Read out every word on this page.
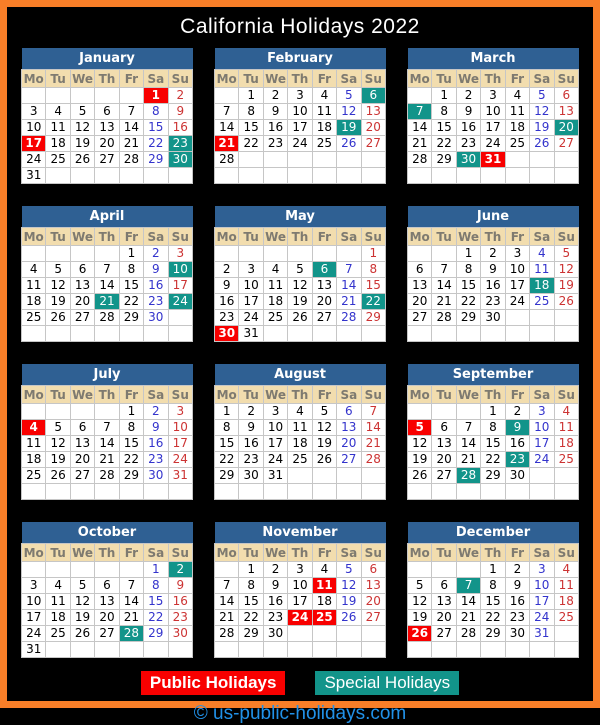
California Holidays 2022
January						
Mo	Tu	We	Th	Fr	Sa	Su
					1	2
3	4	5	6	7	8	9
10	11	12	13	14	15	16
17	18	19	20	21	22	23
24	25	26	27	28	29	30
31						
February						
Mo	Tu	We	Th	Fr	Sa	Su
	1	2	3	4	5	6
7	8	9	10	11	12	13
14	15	16	17	18	19	20
21	22	23	24	25	26	27
28						

March						
Mo	Tu	We	Th	Fr	Sa	Su
	1	2	3	4	5	6
7	8	9	10	11	12	13
14	15	16	17	18	19	20
21	22	23	24	25	26	27
28	29	30	31			

April						
Mo	Tu	We	Th	Fr	Sa	Su
				1	2	3
4	5	6	7	8	9	10
11	12	13	14	15	16	17
18	19	20	21	22	23	24
25	26	27	28	29	30	

May						
Mo	Tu	We	Th	Fr	Sa	Su
						1
2	3	4	5	6	7	8
9	10	11	12	13	14	15
16	17	18	19	20	21	22
23	24	25	26	27	28	29
30	31					
June						
Mo	Tu	We	Th	Fr	Sa	Su
		1	2	3	4	5
6	7	8	9	10	11	12
13	14	15	16	17	18	19
20	21	22	23	24	25	26
27	28	29	30			

July						
Mo	Tu	We	Th	Fr	Sa	Su
				1	2	3
4	5	6	7	8	9	10
11	12	13	14	15	16	17
18	19	20	21	22	23	24
25	26	27	28	29	30	31

August						
Mo	Tu	We	Th	Fr	Sa	Su
1	2	3	4	5	6	7
8	9	10	11	12	13	14
15	16	17	18	19	20	21
22	23	24	25	26	27	28
29	30	31				

September						
Mo	Tu	We	Th	Fr	Sa	Su
			1	2	3	4
5	6	7	8	9	10	11
12	13	14	15	16	17	18
19	20	21	22	23	24	25
26	27	28	29	30		

October						
Mo	Tu	We	Th	Fr	Sa	Su
					1	2
3	4	5	6	7	8	9
10	11	12	13	14	15	16
17	18	19	20	21	22	23
24	25	26	27	28	29	30
31						
November						
Mo	Tu	We	Th	Fr	Sa	Su
	1	2	3	4	5	6
7	8	9	10	11	12	13
14	15	16	17	18	19	20
21	22	23	24	25	26	27
28	29	30				

December						
Mo	Tu	We	Th	Fr	Sa	Su
			1	2	3	4
5	6	7	8	9	10	11
12	13	14	15	16	17	18
19	20	21	22	23	24	25
26	27	28	29	30	31	

Public Holidays	Special Holidays
© us-public-holidays.com
